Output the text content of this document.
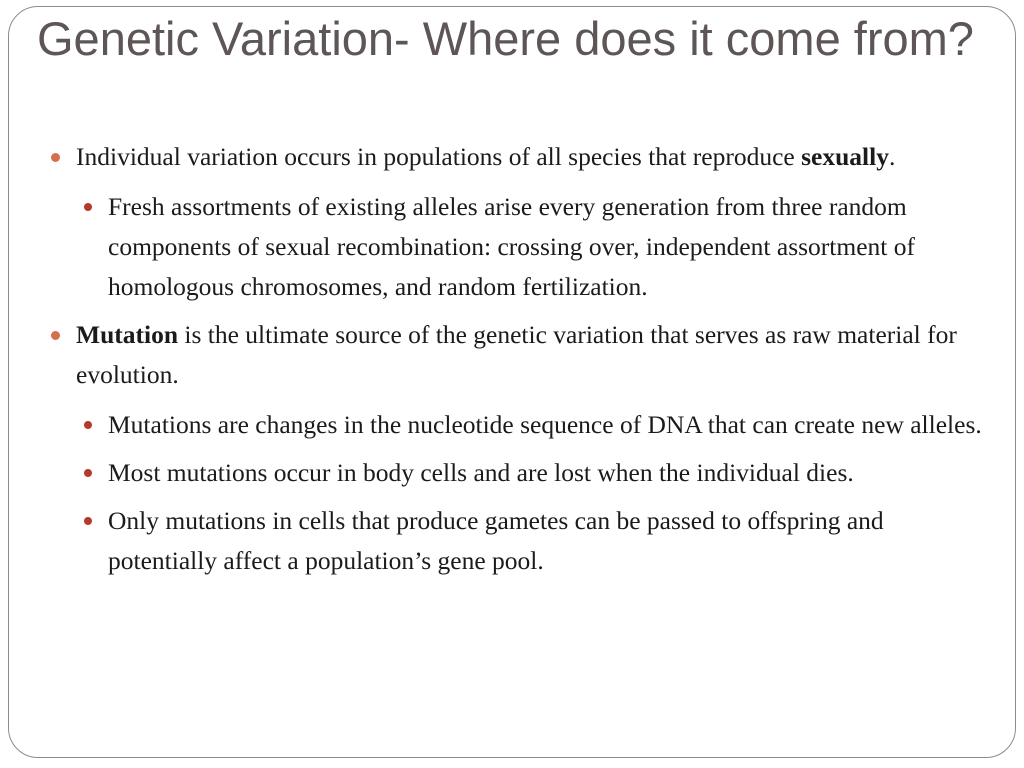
Genetic Variation- Where does it come from?
Individual variation occurs in populations of all species that reproduce sexually.
Fresh assortments of existing alleles arise every generation from three random components of sexual recombination: crossing over, independent assortment of homologous chromosomes, and random fertilization.
Mutation is the ultimate source of the genetic variation that serves as raw material for evolution.
Mutations are changes in the nucleotide sequence of DNA that can create new alleles.
Most mutations occur in body cells and are lost when the individual dies.
Only mutations in cells that produce gametes can be passed to offspring and potentially affect a population’s gene pool.
